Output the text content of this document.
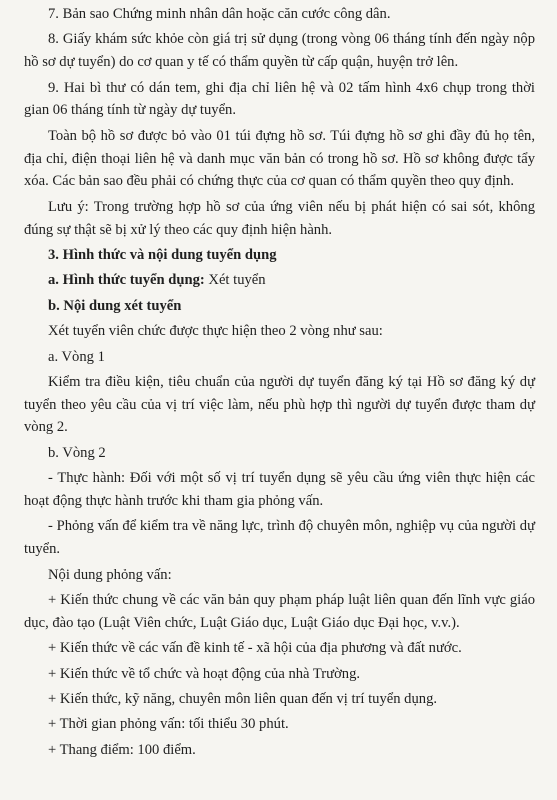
7. Bản sao Chứng minh nhân dân hoặc căn cước công dân.

8. Giấy khám sức khỏe còn giá trị sử dụng (trong vòng 06 tháng tính đến ngày nộp hồ sơ dự tuyển) do cơ quan y tế có thẩm quyền từ cấp quận, huyện trở lên.

9. Hai bì thư có dán tem, ghi địa chỉ liên hệ và 02 tấm hình 4x6 chụp trong thời gian 06 tháng tính từ ngày dự tuyển.

Toàn bộ hồ sơ được bỏ vào 01 túi đựng hồ sơ. Túi đựng hồ sơ ghi đầy đủ họ tên, địa chỉ, điện thoại liên hệ và danh mục văn bản có trong hồ sơ. Hồ sơ không được tẩy xóa. Các bản sao đều phải có chứng thực của cơ quan có thẩm quyền theo quy định.

Lưu ý: Trong trường hợp hồ sơ của ứng viên nếu bị phát hiện có sai sót, không đúng sự thật sẽ bị xử lý theo các quy định hiện hành.

3. Hình thức và nội dung tuyển dụng

a. Hình thức tuyển dụng: Xét tuyển

b. Nội dung xét tuyển

Xét tuyển viên chức được thực hiện theo 2 vòng như sau:

a. Vòng 1

Kiểm tra điều kiện, tiêu chuẩn của người dự tuyển đăng ký tại Hồ sơ đăng ký dự tuyển theo yêu cầu của vị trí việc làm, nếu phù hợp thì người dự tuyển được tham dự vòng 2.

b. Vòng 2

- Thực hành: Đối với một số vị trí tuyển dụng sẽ yêu cầu ứng viên thực hiện các hoạt động thực hành trước khi tham gia phỏng vấn.

- Phỏng vấn để kiểm tra về năng lực, trình độ chuyên môn, nghiệp vụ của người dự tuyển.

Nội dung phỏng vấn:

+ Kiến thức chung về các văn bản quy phạm pháp luật liên quan đến lĩnh vực giáo dục, đào tạo (Luật Viên chức, Luật Giáo dục, Luật Giáo dục Đại học, v.v.).

+ Kiến thức về các vấn đề kinh tế - xã hội của địa phương và đất nước.

+ Kiến thức về tổ chức và hoạt động của nhà Trường.

+ Kiến thức, kỹ năng, chuyên môn liên quan đến vị trí tuyển dụng.

+ Thời gian phỏng vấn: tối thiểu 30 phút.

+ Thang điểm: 100 điểm.
